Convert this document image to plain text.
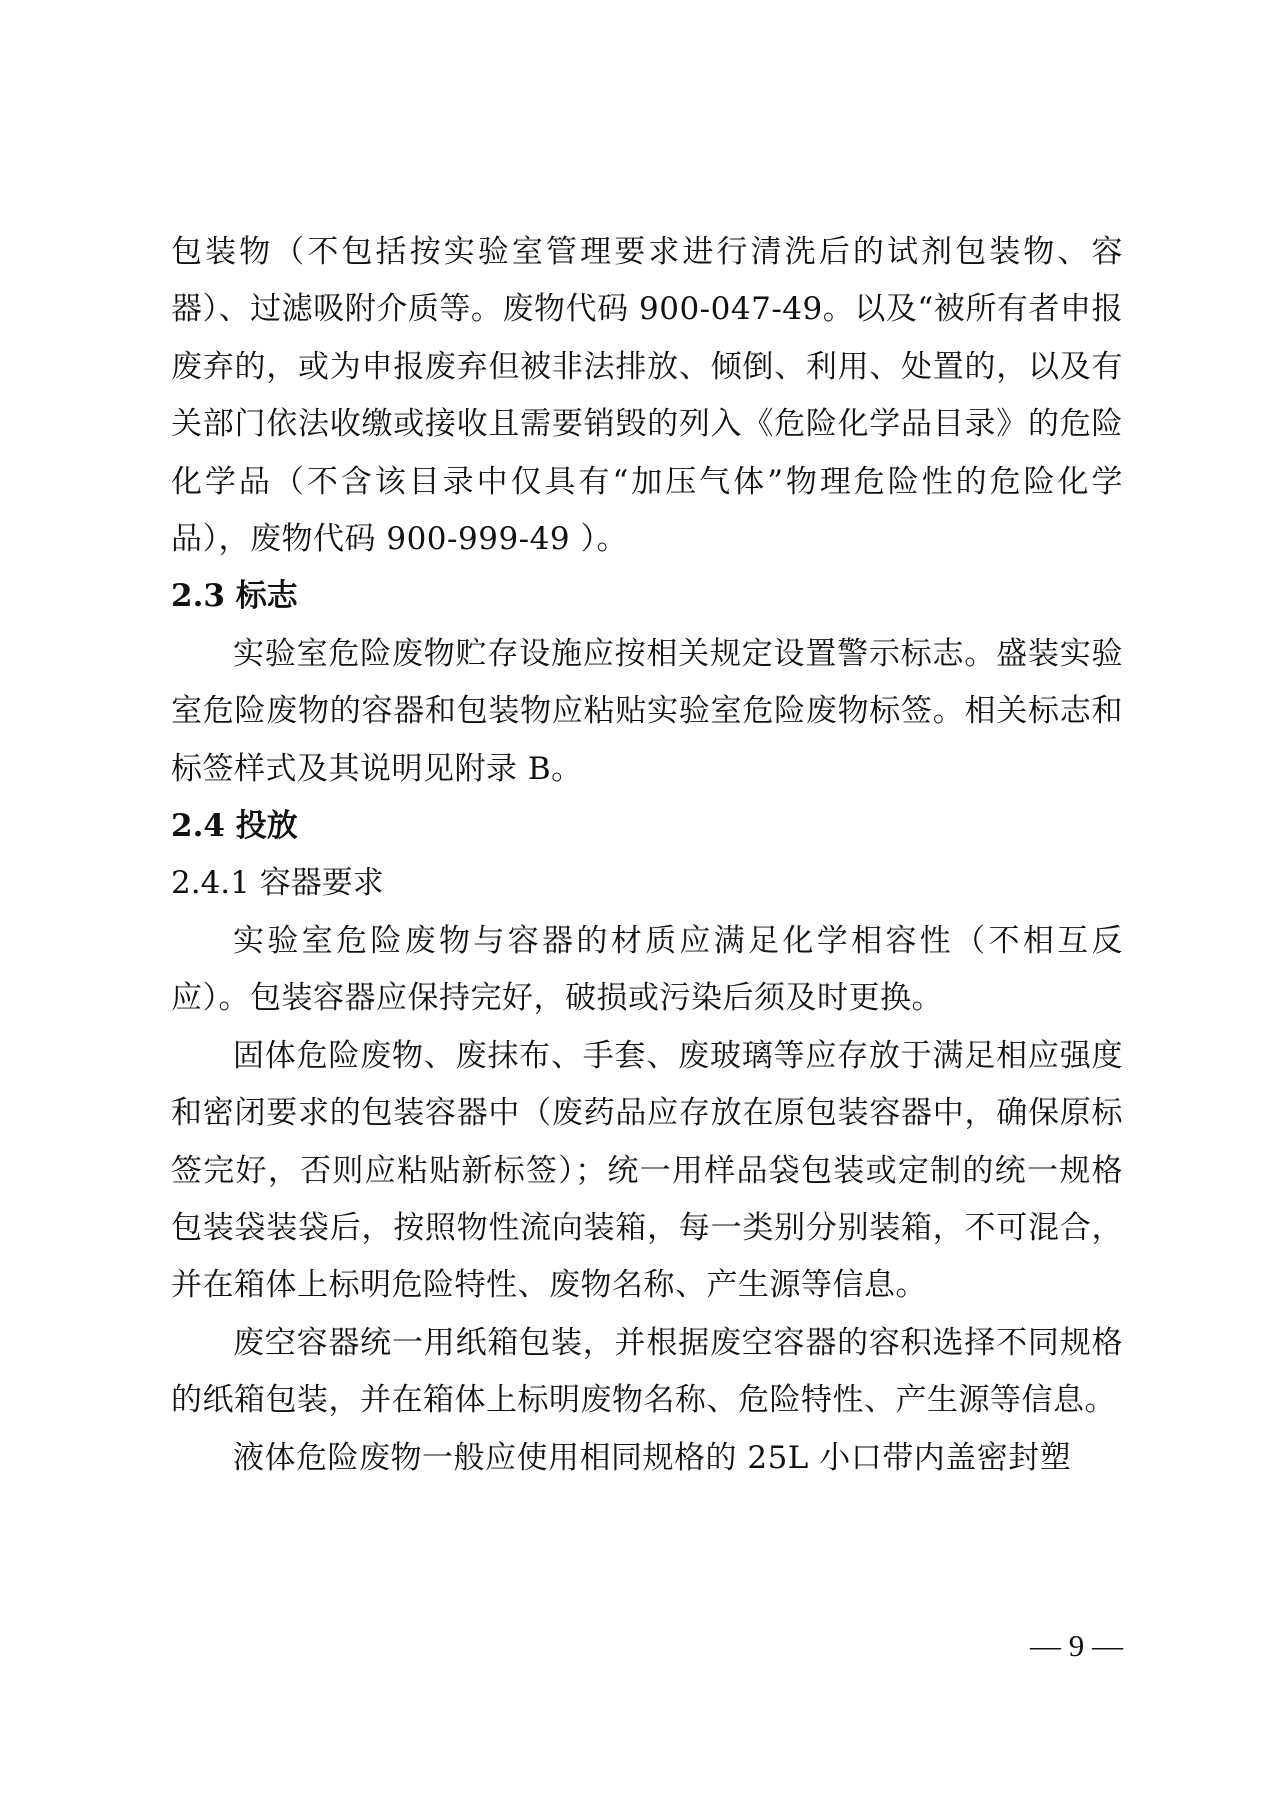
包装物（不包括按实验室管理要求进行清洗后的试剂包装物、容器）、过滤吸附介质等。废物代码 900-047-49。以及“被所有者申报废弃的，或为申报废弃但被非法排放、倾倒、利用、处置的，以及有关部门依法收缴或接收且需要销毁的列入《危险化学品目录》的危险化学品（不含该目录中仅具有“加压气体”物理危险性的危险化学品），废物代码 900-999-49 ）。

2.3 标志

实验室危险废物贮存设施应按相关规定设置警示标志。盛装实验室危险废物的容器和包装物应粘贴实验室危险废物标签。相关标志和标签样式及其说明见附录 B。

2.4 投放

2.4.1 容器要求

实验室危险废物与容器的材质应满足化学相容性（不相互反应）。包装容器应保持完好，破损或污染后须及时更换。

固体危险废物、废抹布、手套、废玻璃等应存放于满足相应强度和密闭要求的包装容器中（废药品应存放在原包装容器中，确保原标签完好，否则应粘贴新标签）；统一用样品袋包装或定制的统一规格包装袋装袋后，按照物性流向装箱，每一类别分别装箱，不可混合，并在箱体上标明危险特性、废物名称、产生源等信息。

废空容器统一用纸箱包装，并根据废空容器的容积选择不同规格的纸箱包装，并在箱体上标明废物名称、危险特性、产生源等信息。

液体危险废物一般应使用相同规格的 25L 小口带内盖密封塑

— 9 —
